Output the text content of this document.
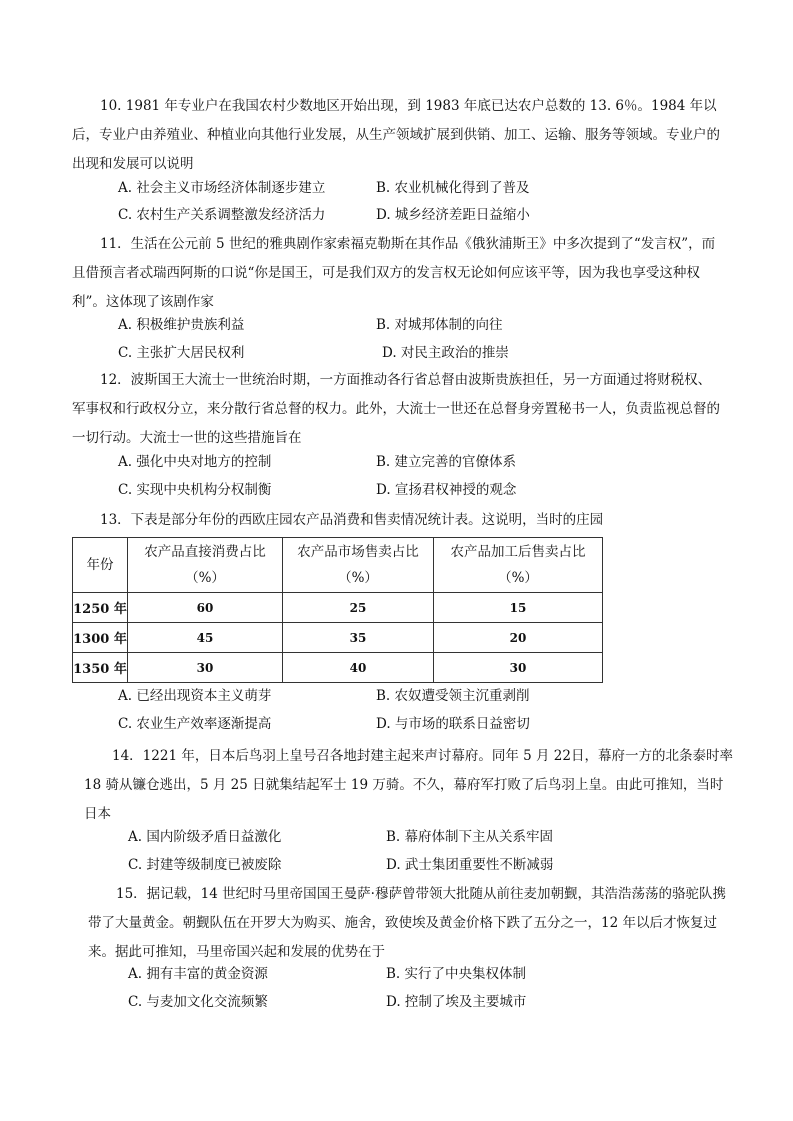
10. 1981 年专业户在我国农村少数地区开始出现，到 1983 年底已达农户总数的 13. 6％。1984 年以后，专业户由养殖业、种植业向其他行业发展，从生产领域扩展到供销、加工、运输、服务等领域。专业户的出现和发展可以说明

A. 社会主义市场经济体制逐步建立	B. 农业机械化得到了普及
C. 农村生产关系调整激发经济活力	D. 城乡经济差距日益缩小

11．生活在公元前 5 世纪的雅典剧作家索福克勒斯在其作品《俄狄浦斯王》中多次提到了“发言权”，而且借预言者忒瑞西阿斯的口说“你是国王，可是我们双方的发言权无论如何应该平等，因为我也享受这种权利”。这体现了该剧作家

A. 积极维护贵族利益	B. 对城邦体制的向往
C. 主张扩大居民权利	D. 对民主政治的推崇

12．波斯国王大流士一世统治时期，一方面推动各行省总督由波斯贵族担任，另一方面通过将财税权、军事权和行政权分立，来分散行省总督的权力。此外，大流士一世还在总督身旁置秘书一人，负责监视总督的一切行动。大流士一世的这些措施旨在

A. 强化中央对地方的控制	B. 建立完善的官僚体系
C. 实现中央机构分权制衡	D. 宣扬君权神授的观念

13．下表是部分年份的西欧庄园农产品消费和售卖情况统计表。这说明，当时的庄园

年份	农产品直接消费占比（%）	农产品市场售卖占比（%）	农产品加工后售卖占比（%）
1250 年	60	25	15
1300 年	45	35	20
1350 年	30	40	30
A. 已经出现资本主义萌芽	B. 农奴遭受领主沉重剥削
C. 农业生产效率逐渐提高	D. 与市场的联系日益密切

14．1221 年，日本后鸟羽上皇号召各地封建主起来声讨幕府。同年 5 月 22日，幕府一方的北条泰时率 18 骑从镰仓逃出，5 月 25 日就集结起军士 19 万骑。不久，幕府军打败了后鸟羽上皇。由此可推知，当时日本

A. 国内阶级矛盾日益激化	B. 幕府体制下主从关系牢固
C. 封建等级制度已被废除	D. 武士集团重要性不断减弱

15．据记载，14 世纪时马里帝国国王曼萨·穆萨曾带领大批随从前往麦加朝觐，其浩浩荡荡的骆驼队携带了大量黄金。朝觐队伍在开罗大为购买、施舍，致使埃及黄金价格下跌了五分之一，12 年以后才恢复过来。据此可推知，马里帝国兴起和发展的优势在于

A. 拥有丰富的黄金资源	B. 实行了中央集权体制
C. 与麦加文化交流频繁	D. 控制了埃及主要城市
